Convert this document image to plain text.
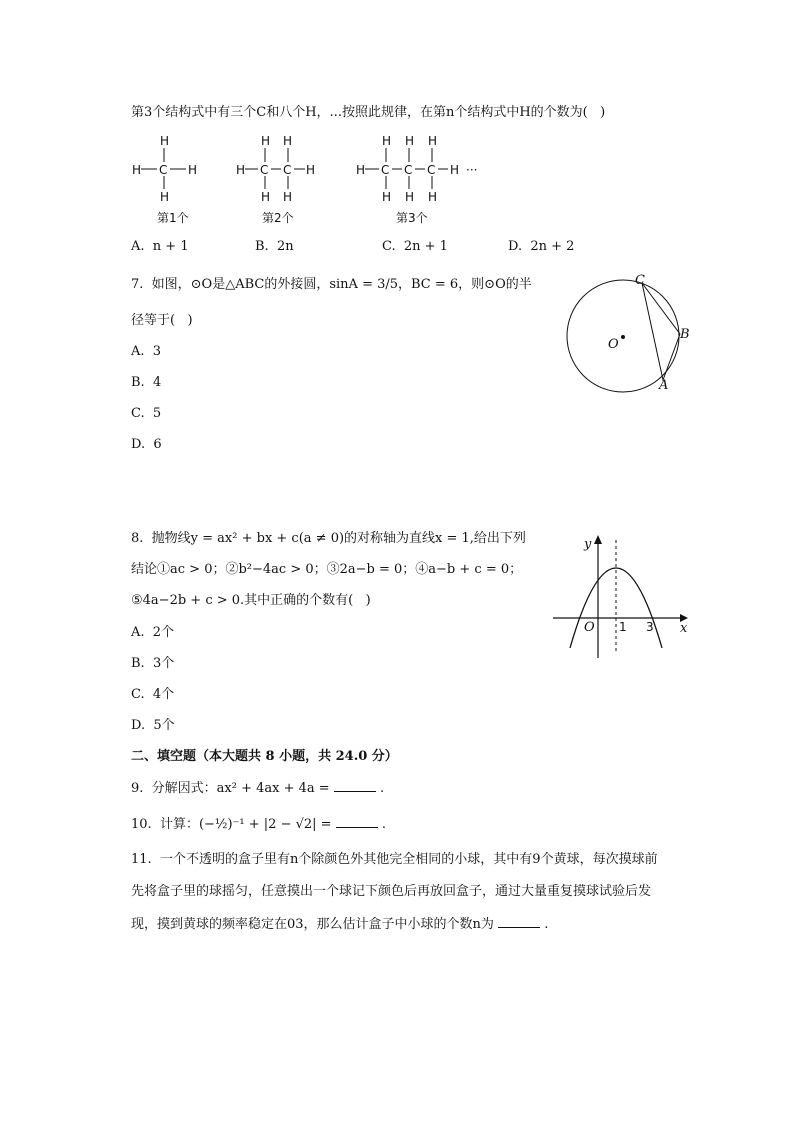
第3个结构式中有三个C和八个H，...按照此规律，在第n个结构式中H的个数为(   )
H
H C H
H
H H
H C C H
H H
H H H
H C C C H
H H H
···
第1个	第2个	第3个
A.  n + 1	B.  2n	C.  2n + 1	D.  2n + 2
7.  如图，⊙O是△ABC的外接圆，sinA = 3/5，BC = 6，则⊙O的半
径等于(   )
A.  3
B.  4
C.  5
D.  6
O
C
B
A
8.  抛物线y = ax² + bx + c(a ≠ 0)的对称轴为直线x = 1,给出下列
结论①ac > 0；②b²−4ac > 0；③2a−b = 0；④a−b + c = 0；
⑤4a−2b + c > 0.其中正确的个数有(   )
A.  2个
B.  3个
C.  4个
D.  5个
y
x
O 1 3
二、填空题（本大题共 8 小题，共 24.0 分）
9.  分解因式：ax² + 4ax + 4a =	.
10.  计算：(−½)⁻¹ + |2 − √2| =	.
11.  一个不透明的盒子里有n个除颜色外其他完全相同的小球，其中有9个黄球，每次摸球前
先将盒子里的球摇匀，任意摸出一个球记下颜色后再放回盒子，通过大量重复摸球试验后发
现，摸到黄球的频率稳定在03，那么估计盒子中小球的个数n为	.
